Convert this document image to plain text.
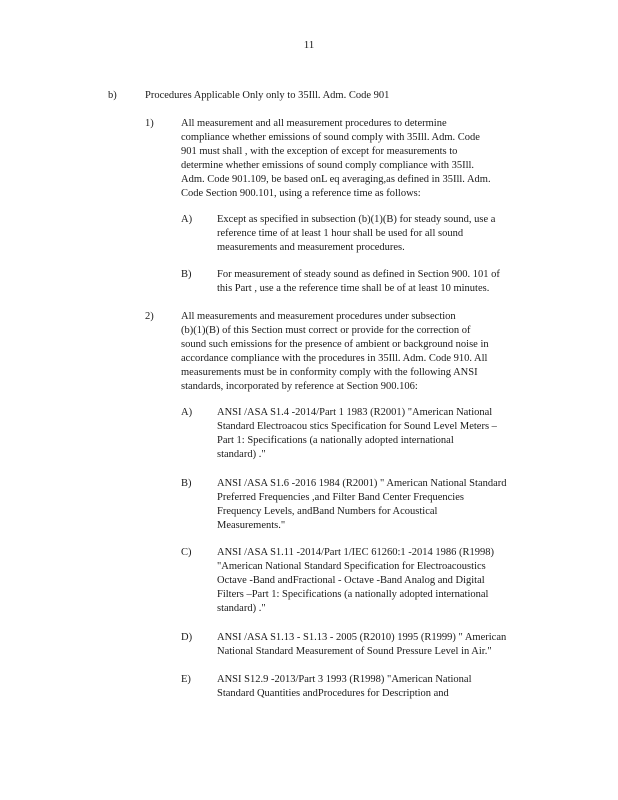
11
b)	Procedures Applicable Only only to 35Ill. Adm. Code 901
1)	All measurement and all measurement procedures to determine
compliance whether emissions of sound comply with 35Ill. Adm. Code
901 must shall , with the exception of except for measurements to
determine whether emissions of sound comply compliance with 35Ill.
Adm. Code 901.109, be based onL eq averaging,as defined in 35Ill. Adm.
Code Section 900.101, using a reference time as follows:
A) Except as specified in subsection (b)(1)(B) for steady sound, use a
reference time of at least 1 hour shall be used for all sound
measurements and measurement procedures.
B) For measurement of steady sound as defined in Section 900. 101 of
this Part , use a the reference time shall be of at least 10 minutes.
2)	All measurements and measurement procedures under subsection
(b)(1)(B) of this Section must correct or provide for the correction of
sound such emissions for the presence of ambient or background noise in
accordance compliance with the procedures in 35Ill. Adm. Code 910. All
measurements must be in conformity comply with the following ANSI
standards, incorporated by reference at Section 900.106:
A) ANSI /ASA S1.4 -2014/Part 1 1983 (R2001) "American National
Standard Electroacou stics Specification for Sound Level Meters –
Part 1: Specifications (a nationally adopted international
standard) ."
B) ANSI /ASA S1.6 -2016 1984 (R2001) " American National Standard
Preferred Frequencies ,and Filter Band Center Frequencies
Frequency Levels, andBand Numbers for Acoustical
Measurements."
C) ANSI /ASA S1.11 -2014/Part 1/IEC 61260:1 -2014 1986 (R1998)
"American National Standard Specification for Electroacoustics
Octave -Band andFractional - Octave -Band Analog and Digital
Filters –Part 1: Specifications (a nationally adopted international
standard) ."
D) ANSI /ASA S1.13 - S1.13 - 2005 (R2010) 1995 (R1999) " American
National Standard Measurement of Sound Pressure Level in Air."
E) ANSI S12.9 -2013/Part 3 1993 (R1998) "American National
Standard Quantities andProcedures for Description and
